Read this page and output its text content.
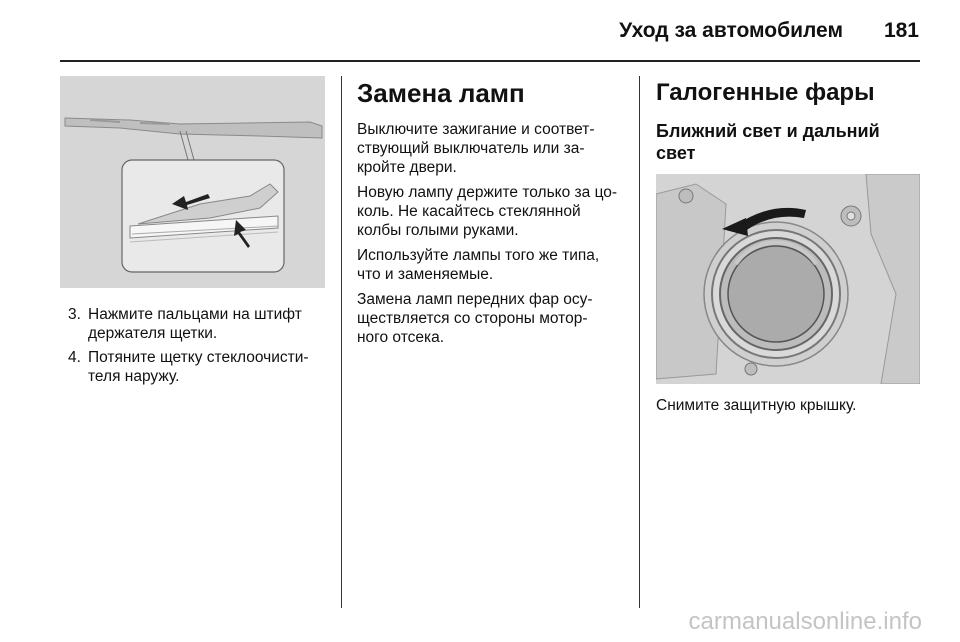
Уход за автомобилем 181
3. Нажмите пальцами на штифт держателя щетки.
4. Потяните щетку стеклоочисти-
теля наружу.
Замена ламп

Выключите зажигание и соответ-
ствующий выключатель или за-
кройте двери.

Новую лампу держите только за цо-
коль. Не касайтесь стеклянной
колбы голыми руками.

Используйте лампы того же типа,
что и заменяемые.

Замена ламп передних фар осу-
ществляется со стороны мотор-
ного отсека.

Галогенные фары
Ближний свет и дальний свет
Снимите защитную крышку.
carmanualsonline.info
